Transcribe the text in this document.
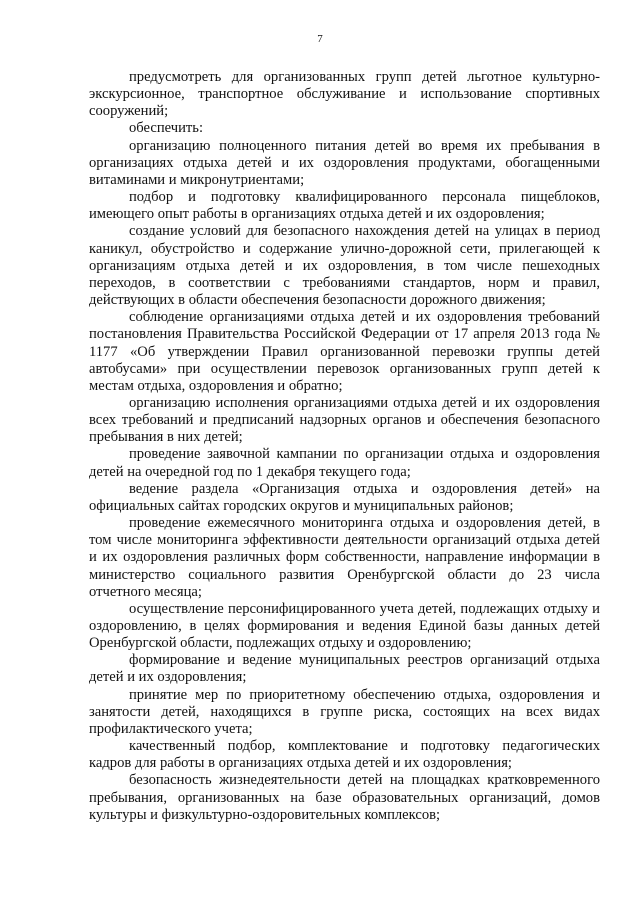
7

предусмотреть для организованных групп детей льготное культурно-экскурсионное, транспортное обслуживание и использование спортивных сооружений;

обеспечить:

организацию полноценного питания детей во время их пребывания в организациях отдыха детей и их оздоровления продуктами, обогащенными витаминами и микронутриентами;

подбор и подготовку квалифицированного персонала пищеблоков, имеющего опыт работы в организациях отдыха детей и их оздоровления;

создание условий для безопасного нахождения детей на улицах в период каникул, обустройство и содержание улично-дорожной сети, прилегающей к организациям отдыха детей и их оздоровления, в том числе пешеходных переходов, в соответствии с требованиями стандартов, норм и правил, действующих в области обеспечения безопасности дорожного движения;

соблюдение организациями отдыха детей и их оздоровления требований постановления Правительства Российской Федерации от 17 апреля 2013 года № 1177 «Об утверждении Правил организованной перевозки группы детей автобусами» при осуществлении перевозок организованных групп детей к местам отдыха, оздоровления и обратно;

организацию исполнения организациями отдыха детей и их оздоровления всех требований и предписаний надзорных органов и обеспечения безопасного пребывания в них детей;

проведение заявочной кампании по организации отдыха и оздоровления детей на очередной год по 1 декабря текущего года;

ведение раздела «Организация отдыха и оздоровления детей» на официальных сайтах городских округов и муниципальных районов;

проведение ежемесячного мониторинга отдыха и оздоровления детей, в том числе мониторинга эффективности деятельности организаций отдыха детей и их оздоровления различных форм собственности, направление информации в министерство социального развития Оренбургской области до 23 числа отчетного месяца;

осуществление персонифицированного учета детей, подлежащих отдыху и оздоровлению, в целях формирования и ведения Единой базы данных детей Оренбургской области, подлежащих отдыху и оздоровлению;

формирование и ведение муниципальных реестров организаций отдыха детей и их оздоровления;

принятие мер по приоритетному обеспечению отдыха, оздоровления и занятости детей, находящихся в группе риска, состоящих на всех видах профилактического учета;

качественный подбор, комплектование и подготовку педагогических кадров для работы в организациях отдыха детей и их оздоровления;

безопасность жизнедеятельности детей на площадках кратковременного пребывания, организованных на базе образовательных организаций, домов культуры и физкультурно-оздоровительных комплексов;
